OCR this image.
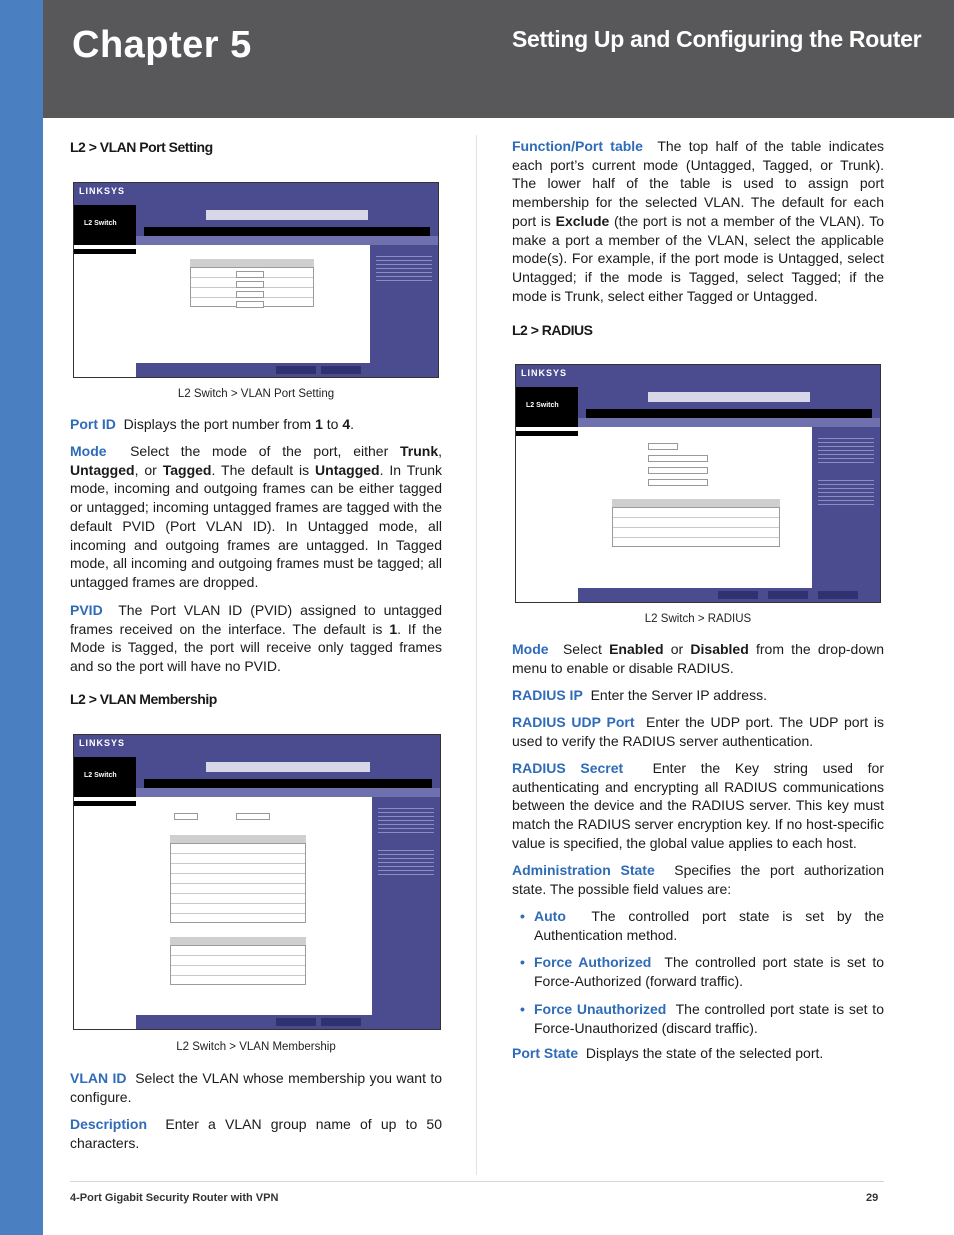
Chapter 5	Setting Up and Configuring the Router
L2 > VLAN Port Setting
LINKSYS
L2 Switch
L2 Switch > VLAN Port Setting

Port ID Displays the port number from 1 to 4.

Mode Select the mode of the port, either Trunk, Untagged, or Tagged. The default is Untagged. In Trunk mode, incoming and outgoing frames can be either tagged or untagged; incoming untagged frames are tagged with the default PVID (Port VLAN ID). In Untagged mode, all incoming and outgoing frames are untagged. In Tagged mode, all incoming and outgoing frames must be tagged; all untagged frames are dropped.

PVID The Port VLAN ID (PVID) assigned to untagged frames received on the interface. The default is 1. If the Mode is Tagged, the port will receive only tagged frames and so the port will have no PVID.

L2 > VLAN Membership
LINKSYS
L2 Switch
L2 Switch > VLAN Membership

VLAN ID Select the VLAN whose membership you want to configure.

Description Enter a VLAN group name of up to 50 characters.

Function/Port table The top half of the table indicates each port’s current mode (Untagged, Tagged, or Trunk). The lower half of the table is used to assign port membership for the selected VLAN. The default for each port is Exclude (the port is not a member of the VLAN). To make a port a member of the VLAN, select the applicable mode(s). For example, if the port mode is Untagged, select Untagged; if the mode is Tagged, select Tagged; if the mode is Trunk, select either Tagged or Untagged.

L2 > RADIUS
LINKSYS
L2 Switch
L2 Switch > RADIUS

Mode Select Enabled or Disabled from the drop-down menu to enable or disable RADIUS.

RADIUS IP Enter the Server IP address.

RADIUS UDP Port Enter the UDP port. The UDP port is used to verify the RADIUS server authentication.

RADIUS Secret Enter the Key string used for authenticating and encrypting all RADIUS communications between the device and the RADIUS server. This key must match the RADIUS server encryption key. If no host-specific value is specified, the global value applies to each host.

Administration State Specifies the port authorization state. The possible field values are:

• Auto The controlled port state is set by the Authentication method.

• Force Authorized The controlled port state is set to Force-Authorized (forward traffic).

• Force Unauthorized The controlled port state is set to Force-Unauthorized (discard traffic).

Port State Displays the state of the selected port.

4-Port Gigabit Security Router with VPN	29
